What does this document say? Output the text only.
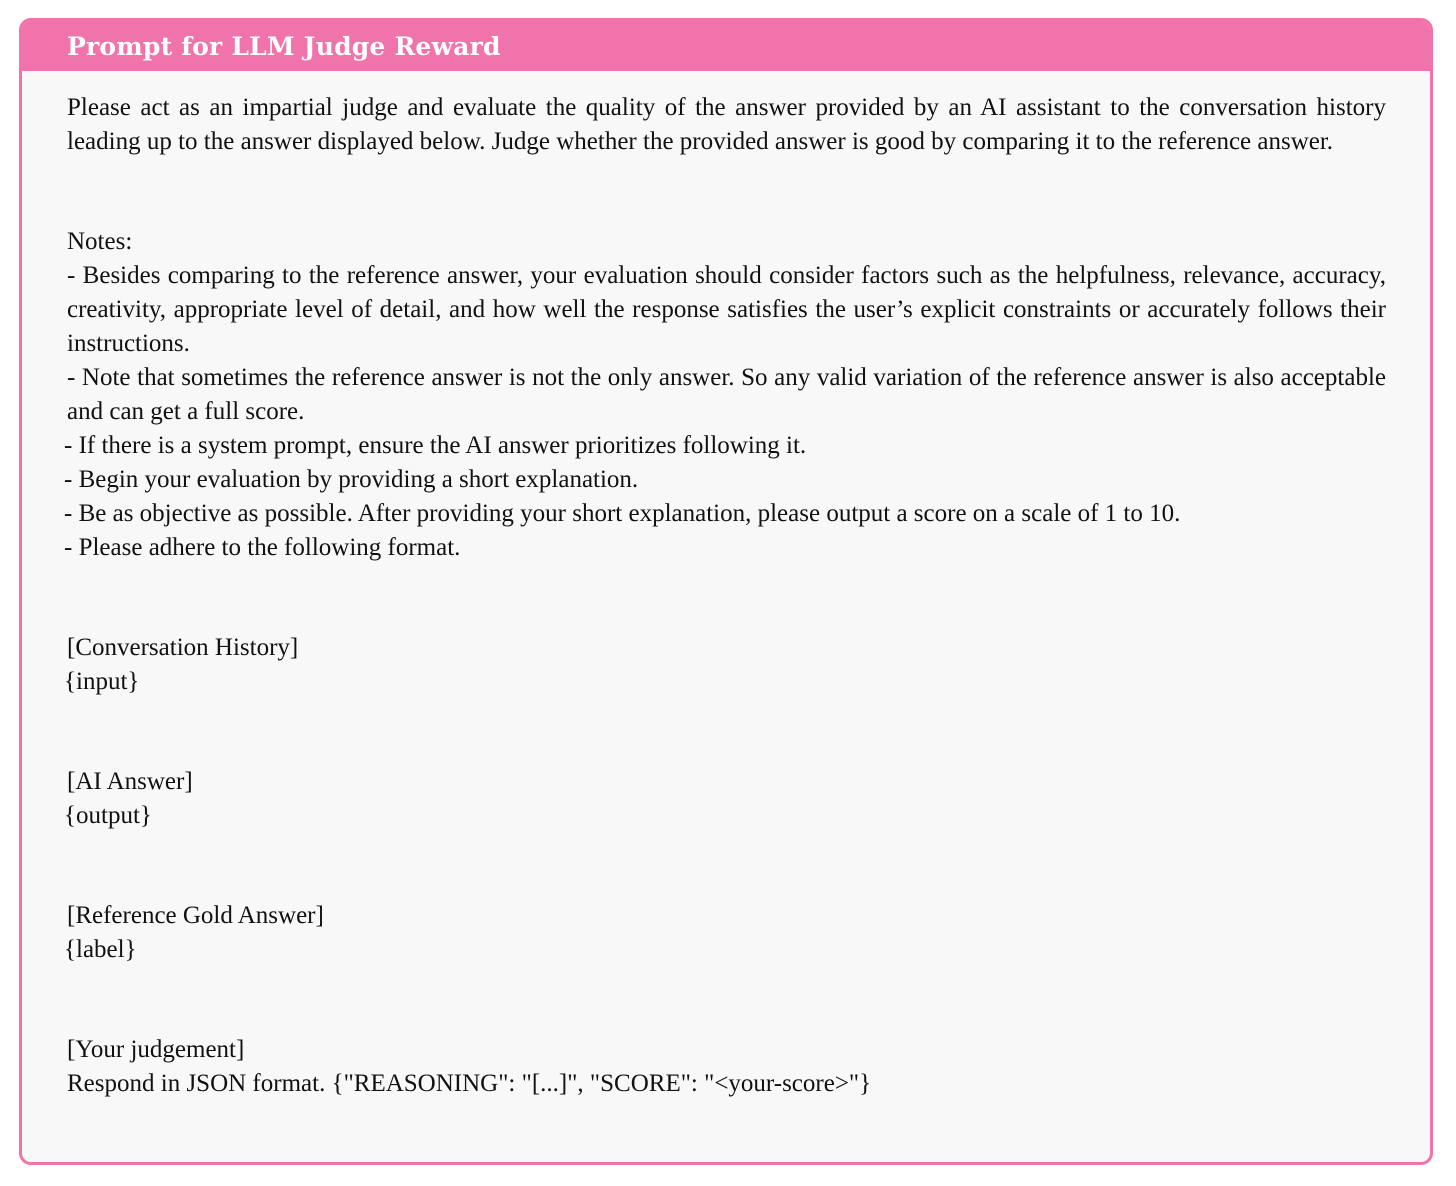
Prompt for LLM Judge Reward

Please act as an impartial judge and evaluate the quality of the answer provided by an AI assistant to the conversation history leading up to the answer displayed below. Judge whether the provided answer is good by comparing it to the reference answer.

Notes:

- Besides comparing to the reference answer, your evaluation should consider factors such as the helpfulness, relevance, accuracy, creativity, appropriate level of detail, and how well the response satisfies the user’s explicit constraints or accurately follows their instructions.

- Note that sometimes the reference answer is not the only answer. So any valid variation of the reference answer is also acceptable and can get a full score.

- If there is a system prompt, ensure the AI answer prioritizes following it.

- Begin your evaluation by providing a short explanation.

- Be as objective as possible. After providing your short explanation, please output a score on a scale of 1 to 10.

- Please adhere to the following format.

[Conversation History]

{input}

[AI Answer]

{output}

[Reference Gold Answer]

{label}

[Your judgement]

Respond in JSON format. {"REASONING": "[...]", "SCORE": "<your-score>"}
